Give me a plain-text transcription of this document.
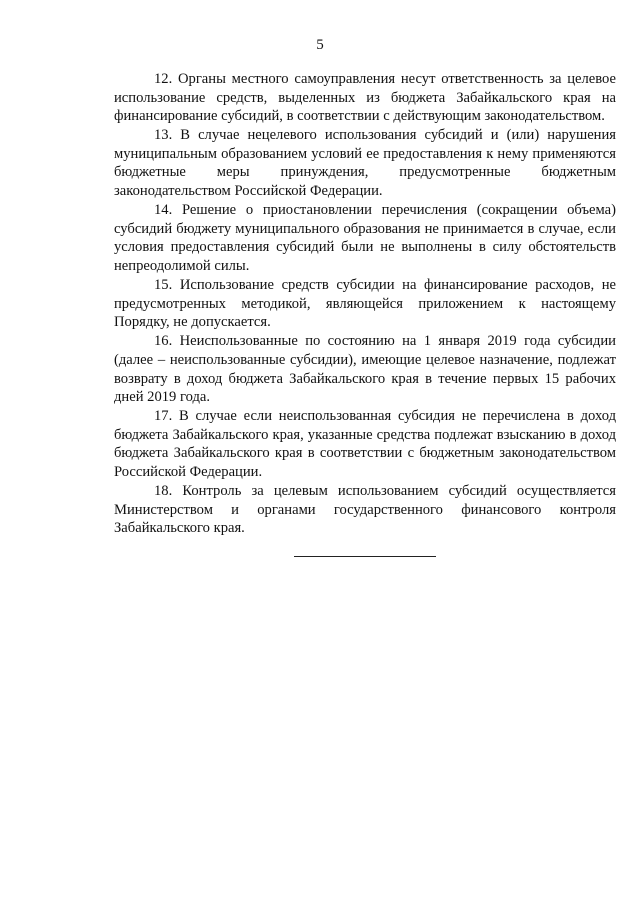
5

12. Органы местного самоуправления несут ответственность за целевое использование средств, выделенных из бюджета Забайкальского края на финансирование субсидий, в соответствии с действующим законодательством.

13. В случае нецелевого использования субсидий и (или) нарушения муниципальным образованием условий ее предоставления к нему применяются бюджетные меры принуждения, предусмотренные бюджетным законодательством Российской Федерации.

14. Решение о приостановлении перечисления (сокращении объема) субсидий бюджету муниципального образования не принимается в случае, если условия предоставления субсидий были не выполнены в силу обстоятельств непреодолимой силы.

15. Использование средств субсидии на финансирование расходов, не предусмотренных методикой, являющейся приложением к настоящему Порядку, не допускается.

16. Неиспользованные по состоянию на 1 января 2019 года субсидии (далее – неиспользованные субсидии), имеющие целевое назначение, подлежат возврату в доход бюджета Забайкальского края в течение первых 15 рабочих дней 2019 года.

17. В случае если неиспользованная субсидия не перечислена в доход бюджета Забайкальского края, указанные средства подлежат взысканию в доход бюджета Забайкальского края в соответствии с бюджетным законодательством Российской Федерации.

18. Контроль за целевым использованием субсидий осуществляется Министерством и органами государственного финансового контроля Забайкальского края.
